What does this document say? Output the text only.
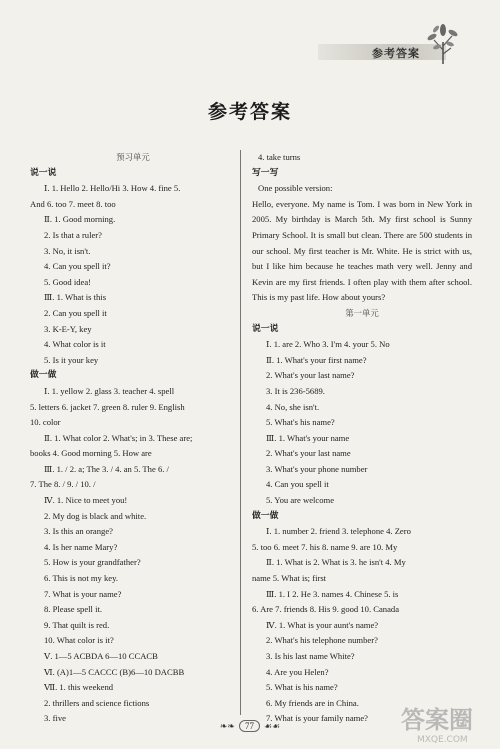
参考答案
参考答案
预习单元
说一说
Ⅰ. 1. Hello 2. Hello/Hi 3. How 4. fine 5.
And 6. too 7. meet 8. too
Ⅱ. 1. Good morning.
2. Is that a ruler?
3. No, it isn't.
4. Can you spell it?
5. Good idea!
Ⅲ. 1. What is this
2. Can you spell it
3. K-E-Y, key
4. What color is it
5. Is it your key
做一做
Ⅰ. 1. yellow 2. glass 3. teacher 4. spell
5. letters 6. jacket 7. green 8. ruler 9. English
10. color
Ⅱ. 1. What color 2. What's; in 3. These are;
books 4. Good morning 5. How are
Ⅲ. 1. / 2. a; The 3. / 4. an 5. The 6. /
7. The 8. / 9. / 10. /
Ⅳ. 1. Nice to meet you!
2. My dog is black and white.
3. Is this an orange?
4. Is her name Mary?
5. How is your grandfather?
6. This is not my key.
7. What is your name?
8. Please spell it.
9. That quilt is red.
10. What color is it?
Ⅴ. 1—5 ACBDA 6—10 CCACB
Ⅵ. (A)1—5 CACCC (B)6—10 DACBB
Ⅶ. 1. this weekend
2. thrillers and science fictions
3. five
4. take turns
写一写
One possible version:
Hello, everyone. My name is Tom. I was born in New York in 2005. My birthday is March 5th. My first school is Sunny Primary School. It is small but clean. There are 500 students in our school. My first teacher is Mr. White. He is strict with us, but I like him because he teaches math very well. Jenny and Kevin are my first friends. I often play with them after school. This is my past life. How about yours?
第一单元
说一说
Ⅰ. 1. are 2. Who 3. I'm 4. your 5. No
Ⅱ. 1. What's your first name?
2. What's your last name?
3. It is 236-5689.
4. No, she isn't.
5. What's his name?
Ⅲ. 1. What's your name
2. What's your last name
3. What's your phone number
4. Can you spell it
5. You are welcome
做一做
Ⅰ. 1. number 2. friend 3. telephone 4. Zero
5. too 6. meet 7. his 8. name 9. are 10. My
Ⅱ. 1. What is 2. What is 3. he isn't 4. My
name 5. What is; first
Ⅲ. 1. I 2. He 3. names 4. Chinese 5. is
6. Are 7. friends 8. His 9. good 10. Canada
Ⅳ. 1. What is your aunt's name?
2. What's his telephone number?
3. Is his last name White?
4. Are you Helen?
5. What is his name?
6. My friends are in China.
7. What is your family name?
❧❧ 77 ☙☙	答案圈
MXQE.COM
